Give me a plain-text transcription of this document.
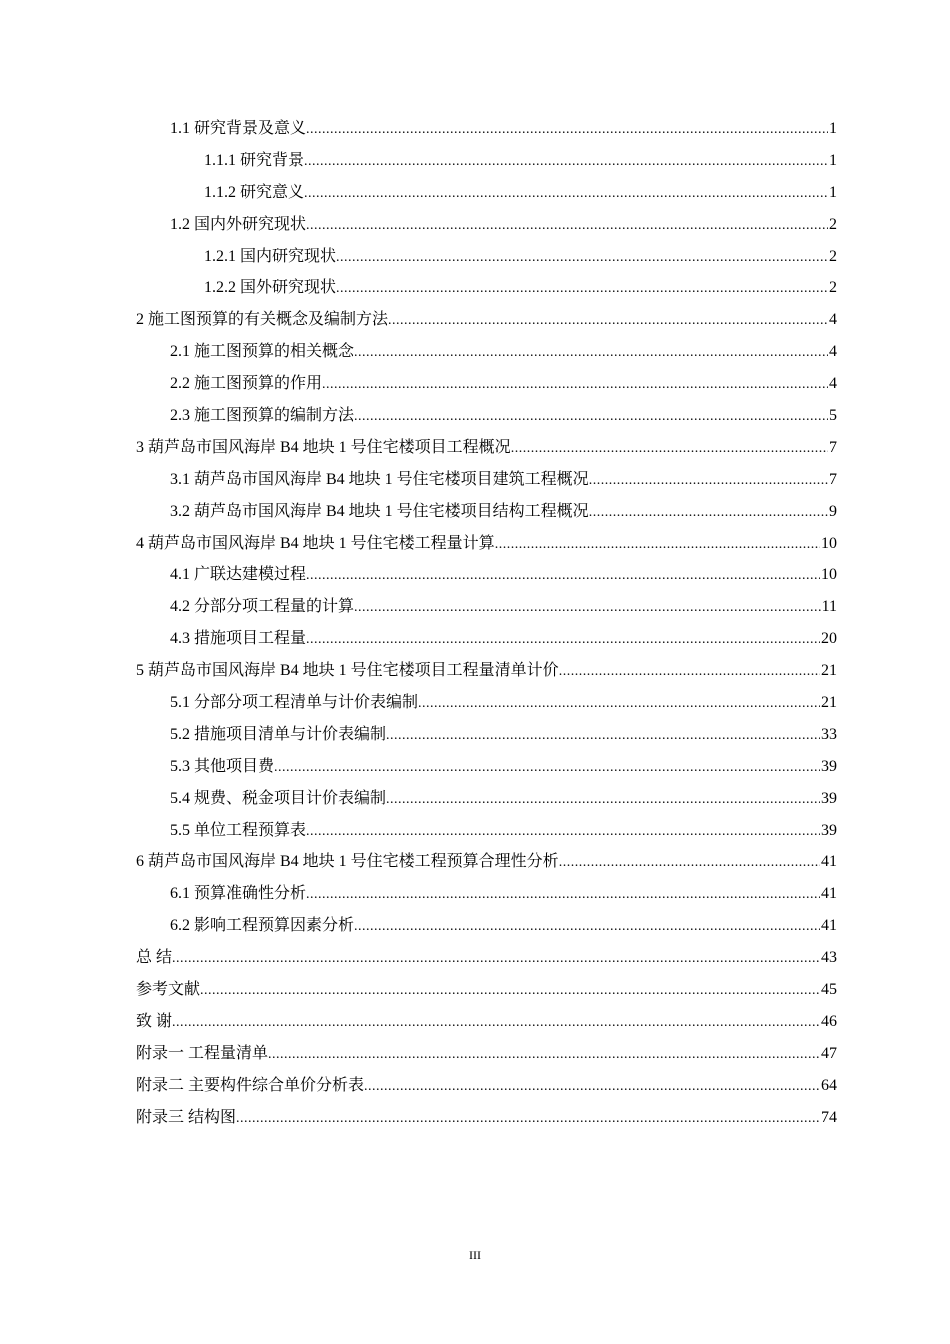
1.1 研究背景及意义 .....	1
1.1.1 研究背景 .....	1
1.1.2 研究意义 .....	1
1.2 国内外研究现状 .....	2
1.2.1 国内研究现状 .....	2
1.2.2 国外研究现状 .....	2
2 施工图预算的有关概念及编制方法 .....	4
2.1 施工图预算的相关概念 .....	4
2.2 施工图预算的作用 .....	4
2.3 施工图预算的编制方法 .....	5
3 葫芦岛市国风海岸 B4 地块 1 号住宅楼项目工程概况 .....	7
3.1 葫芦岛市国风海岸 B4 地块 1 号住宅楼项目建筑工程概况 .....	7
3.2 葫芦岛市国风海岸 B4 地块 1 号住宅楼项目结构工程概况 .....	9
4 葫芦岛市国风海岸 B4 地块 1 号住宅楼工程量计算 .....	10
4.1 广联达建模过程 .....	10
4.2 分部分项工程量的计算 .....	11
4.3 措施项目工程量 .....	20
5 葫芦岛市国风海岸 B4 地块 1 号住宅楼项目工程量清单计价 .....	21
5.1 分部分项工程清单与计价表编制 .....	21
5.2 措施项目清单与计价表编制 .....	33
5.3 其他项目费 .....	39
5.4 规费、税金项目计价表编制 .....	39
5.5 单位工程预算表 .....	39
6 葫芦岛市国风海岸 B4 地块 1 号住宅楼工程预算合理性分析 .....	41
6.1 预算准确性分析 .....	41
6.2 影响工程预算因素分析 .....	41
总 结 .....	43
参考文献 .....	45
致 谢 .....	46
附录一 工程量清单 .....	47
附录二 主要构件综合单价分析表 .....	64
附录三 结构图 .....	74
III
